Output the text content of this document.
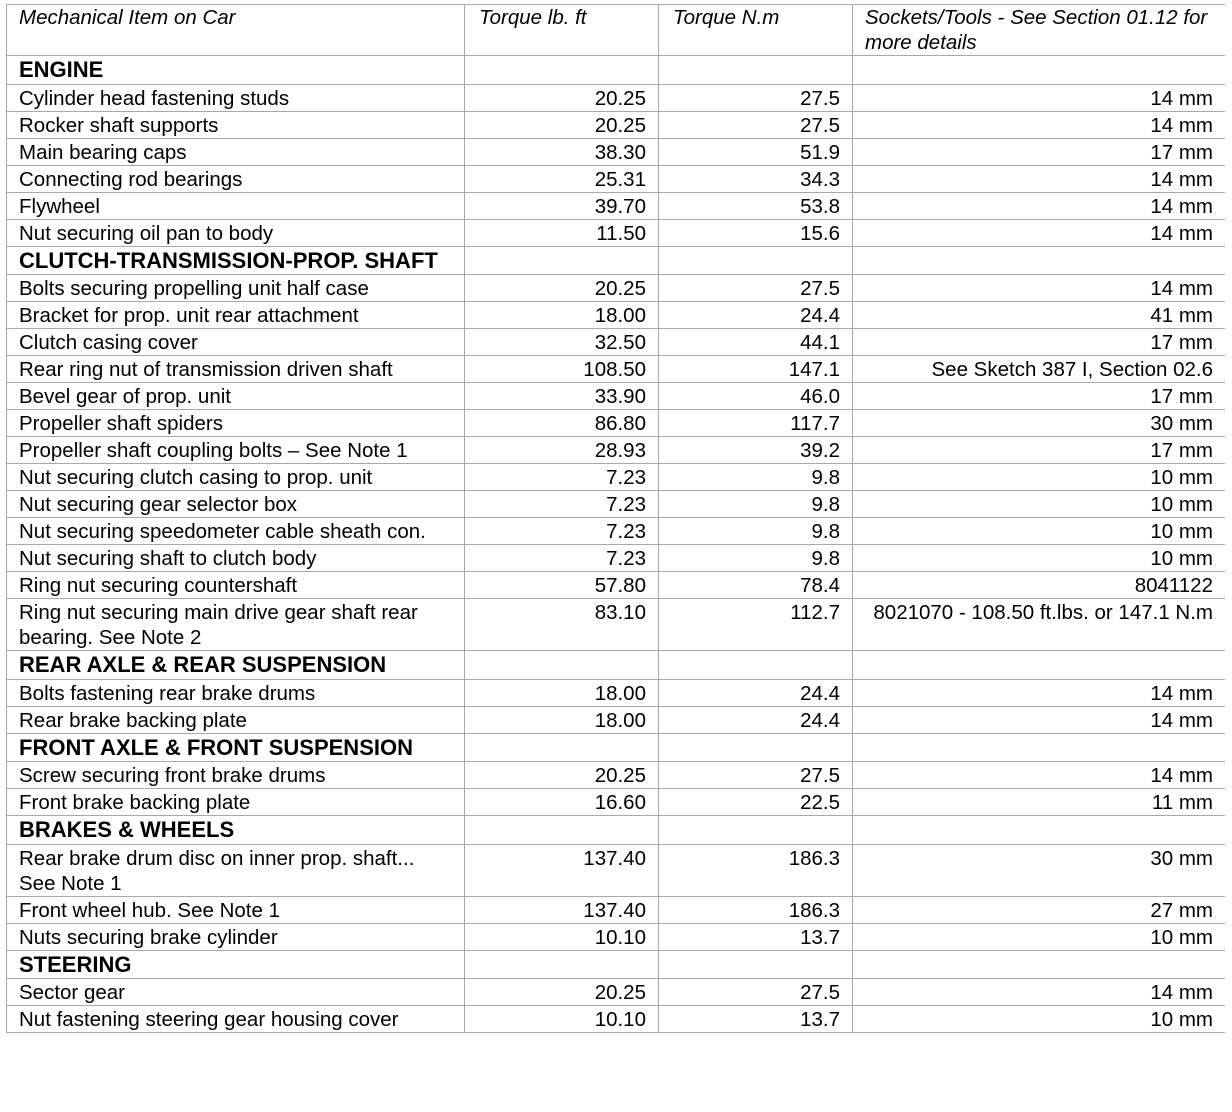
Mechanical Item on Car	Torque lb. ft	Torque N.m	Sockets/Tools - See Section 01.12 for more details
ENGINE			
Cylinder head fastening studs	20.25	27.5	14 mm
Rocker shaft supports	20.25	27.5	14 mm
Main bearing caps	38.30	51.9	17 mm
Connecting rod bearings	25.31	34.3	14 mm
Flywheel	39.70	53.8	14 mm
Nut securing oil pan to body	11.50	15.6	14 mm
CLUTCH-TRANSMISSION-PROP. SHAFT			
Bolts securing propelling unit half case	20.25	27.5	14 mm
Bracket for prop. unit rear attachment	18.00	24.4	41 mm
Clutch casing cover	32.50	44.1	17 mm
Rear ring nut of transmission driven shaft	108.50	147.1	See Sketch 387 I, Section 02.6
Bevel gear of prop. unit	33.90	46.0	17 mm
Propeller shaft spiders	86.80	117.7	30 mm
Propeller shaft coupling bolts – See Note 1	28.93	39.2	17 mm
Nut securing clutch casing to prop. unit	7.23	9.8	10 mm
Nut securing gear selector box	7.23	9.8	10 mm
Nut securing speedometer cable sheath con.	7.23	9.8	10 mm
Nut securing shaft to clutch body	7.23	9.8	10 mm
Ring nut securing countershaft	57.80	78.4	8041122
Ring nut securing main drive gear shaft rear bearing. See Note 2	83.10	112.7	8021070 - 108.50 ft.lbs. or 147.1 N.m
REAR AXLE & REAR SUSPENSION			
Bolts fastening rear brake drums	18.00	24.4	14 mm
Rear brake backing plate	18.00	24.4	14 mm
FRONT AXLE & FRONT SUSPENSION			
Screw securing front brake drums	20.25	27.5	14 mm
Front brake backing plate	16.60	22.5	11 mm
BRAKES & WHEELS			
Rear brake drum disc on inner prop. shaft... See Note 1	137.40	186.3	30 mm
Front wheel hub. See Note 1	137.40	186.3	27 mm
Nuts securing brake cylinder	10.10	13.7	10 mm
STEERING			
Sector gear	20.25	27.5	14 mm
Nut fastening steering gear housing cover	10.10	13.7	10 mm
